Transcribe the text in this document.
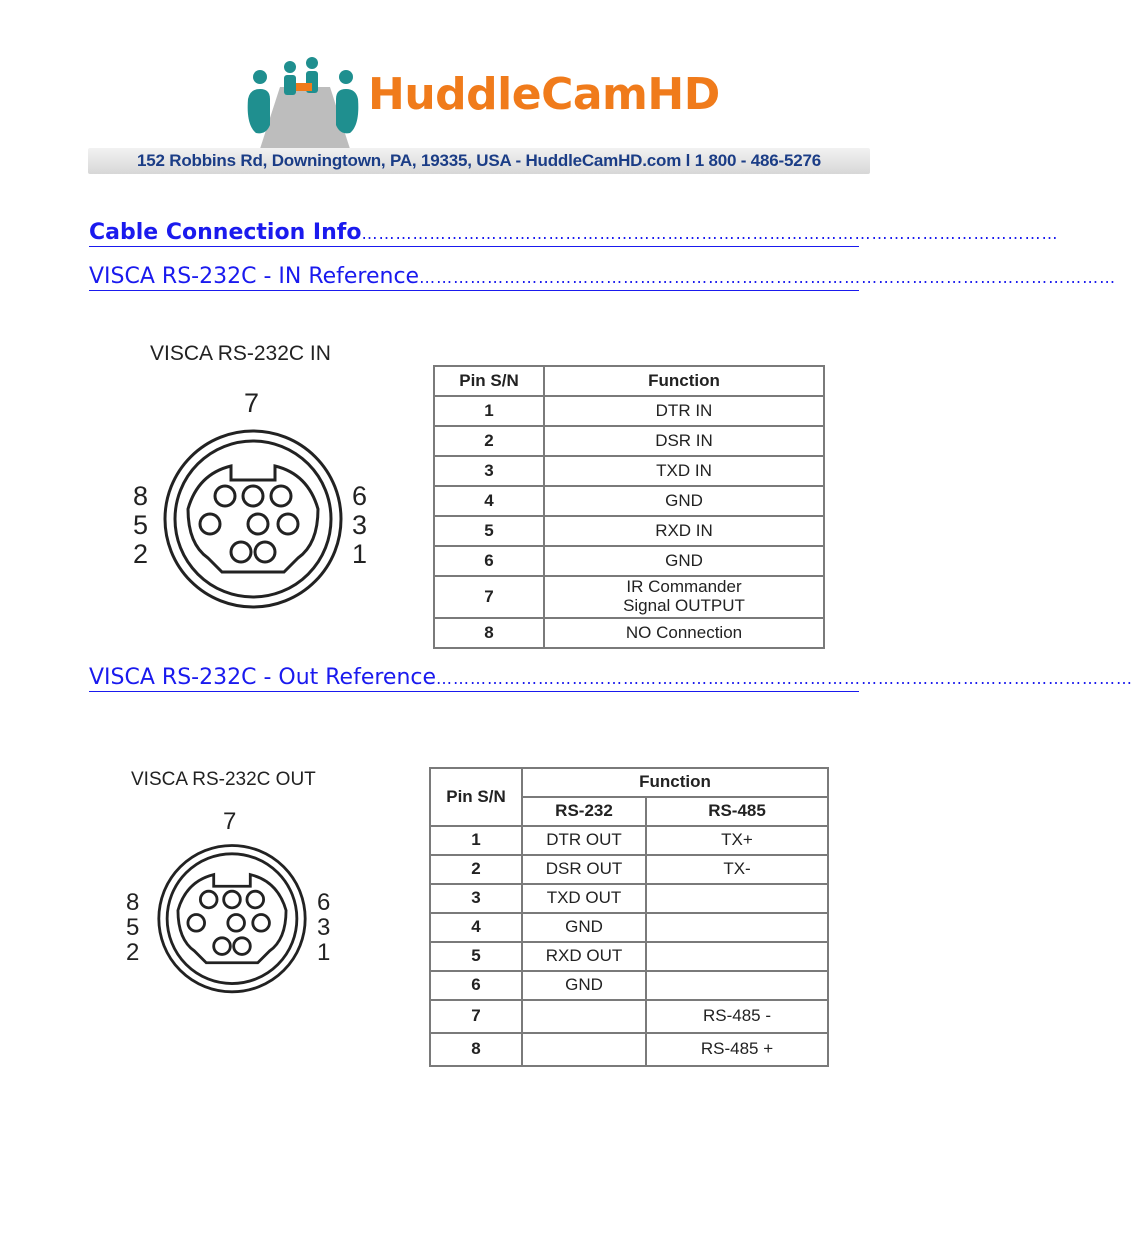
HuddleCamHD
152 Robbins Rd, Downingtown, PA, 19335, USA - HuddleCamHD.com l 1 800 - 486-5276
Cable Connection Info ……………………………………………………………………………………………………………
VISCA RS-232C - IN Reference ……………………………………………………………………………………………………………
VISCA RS-232C - Out Reference ……………………………………………………………………………………………………………
VISCA RS-232C IN
7
8
5
2
6
3
1
Pin S/N	Function
1	DTR IN
2	DSR IN
3	TXD IN
4	GND
5	RXD IN
6	GND
7	IR Commander Signal OUTPUT
8	NO Connection
VISCA RS-232C OUT
7
8
5
2
6
3
1
Pin S/N	Function	
	RS-232	RS-485
1	DTR OUT	TX+
2	DSR OUT	TX-
3	TXD OUT	
4	GND	
5	RXD OUT	
6	GND	
7		RS-485 -
8		RS-485 +
